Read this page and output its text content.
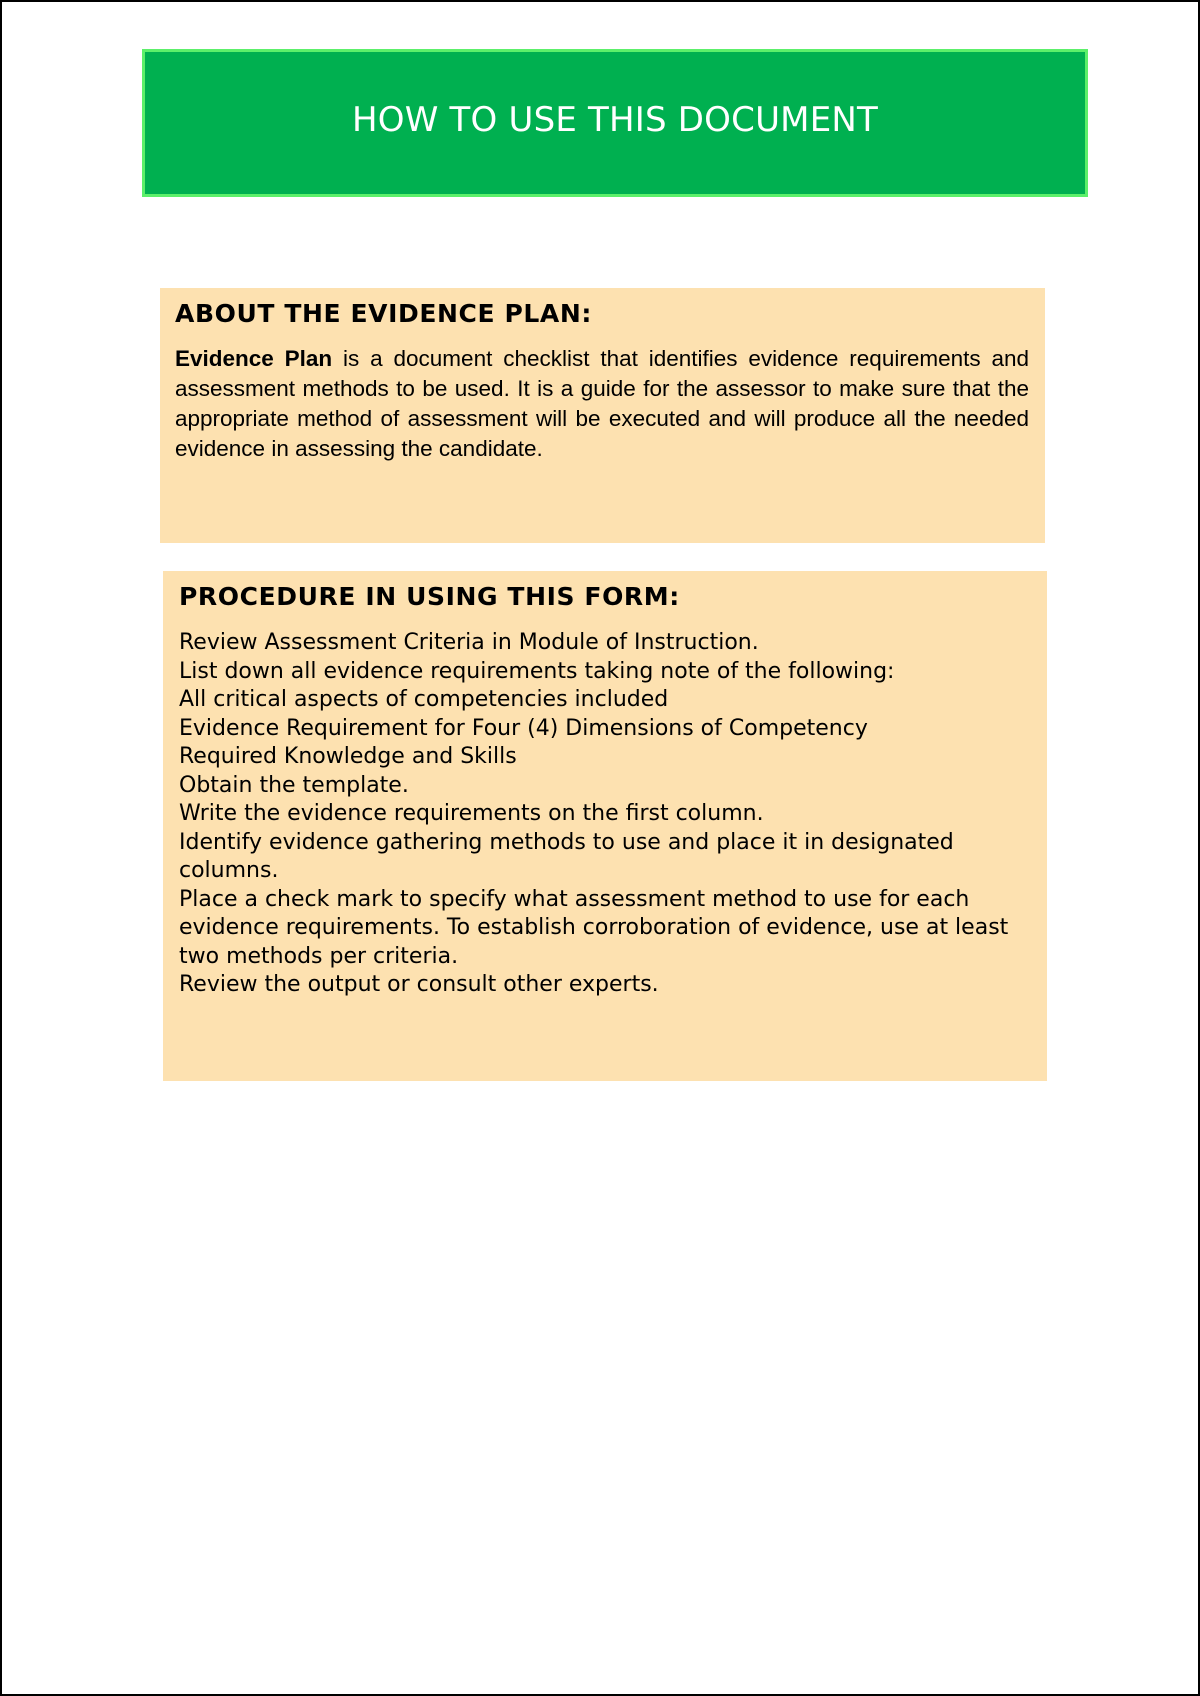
HOW TO USE THIS DOCUMENT
ABOUT THE EVIDENCE PLAN:
Evidence Plan is a document checklist that identifies evidence requirements and assessment methods to be used. It is a guide for the assessor to make sure that the appropriate method of assessment will be executed and will produce all the needed evidence in assessing the candidate.
PROCEDURE IN USING THIS FORM:
Review Assessment Criteria in Module of Instruction.
List down all evidence requirements taking note of the following:
All critical aspects of competencies included
Evidence Requirement for Four (4) Dimensions of Competency
Required Knowledge and Skills
Obtain the template.
Write the evidence requirements on the first column.
Identify evidence gathering methods to use and place it in designated columns.
Place a check mark to specify what assessment method to use for each evidence requirements. To establish corroboration of evidence, use at least two methods per criteria.
Review the output or consult other experts.
